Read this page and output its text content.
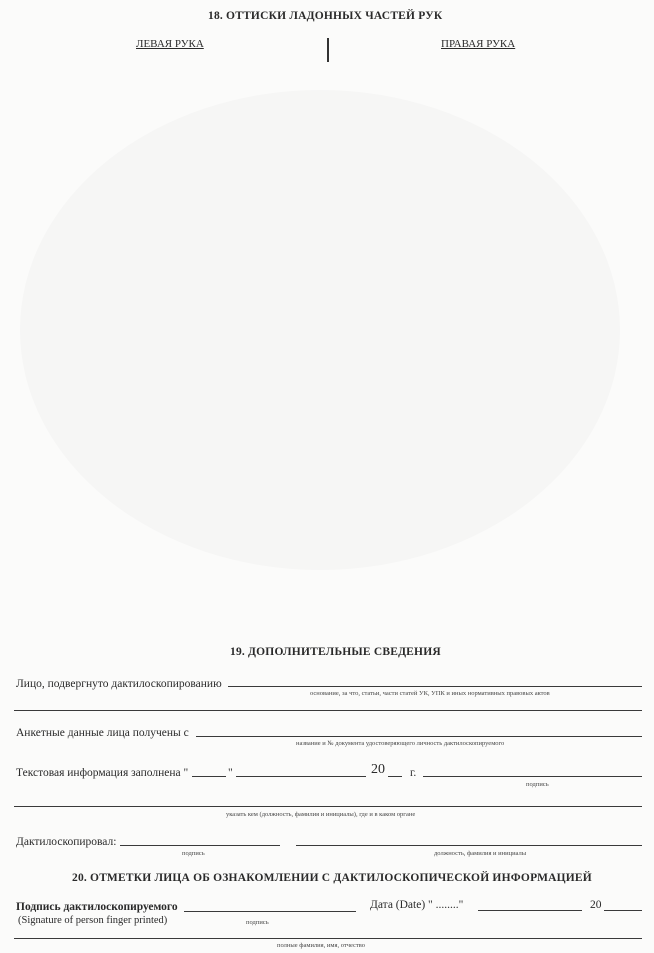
18. ОТТИСКИ ЛАДОННЫХ ЧАСТЕЙ РУК
ЛЕВАЯ РУКА	ПРАВАЯ РУКА
19. ДОПОЛНИТЕЛЬНЫЕ СВЕДЕНИЯ
Лицо, подвергнуто дактилоскопированию
основание, за что, статьи, части статей УК, УПК и иных нормативных правовых актов
Анкетные данные лица получены с
название и № документа удостоверяющего личность дактилоскопируемого
Текстовая информация заполнена "	"	20 г.
подпись
указать кем (должность, фамилия и инициалы), где и в каком органе
Дактилоскопировал:
подпись	должность, фамилия и инициалы
20. ОТМЕТКИ ЛИЦА ОБ ОЗНАКОМЛЕНИИ С ДАКТИЛОСКОПИЧЕСКОЙ ИНФОРМАЦИЕЙ
Подпись дактилоскопируемого
(Signature of person finger printed)	подпись
Дата (Date) " ........"	20
полные фамилия, имя, отчество
